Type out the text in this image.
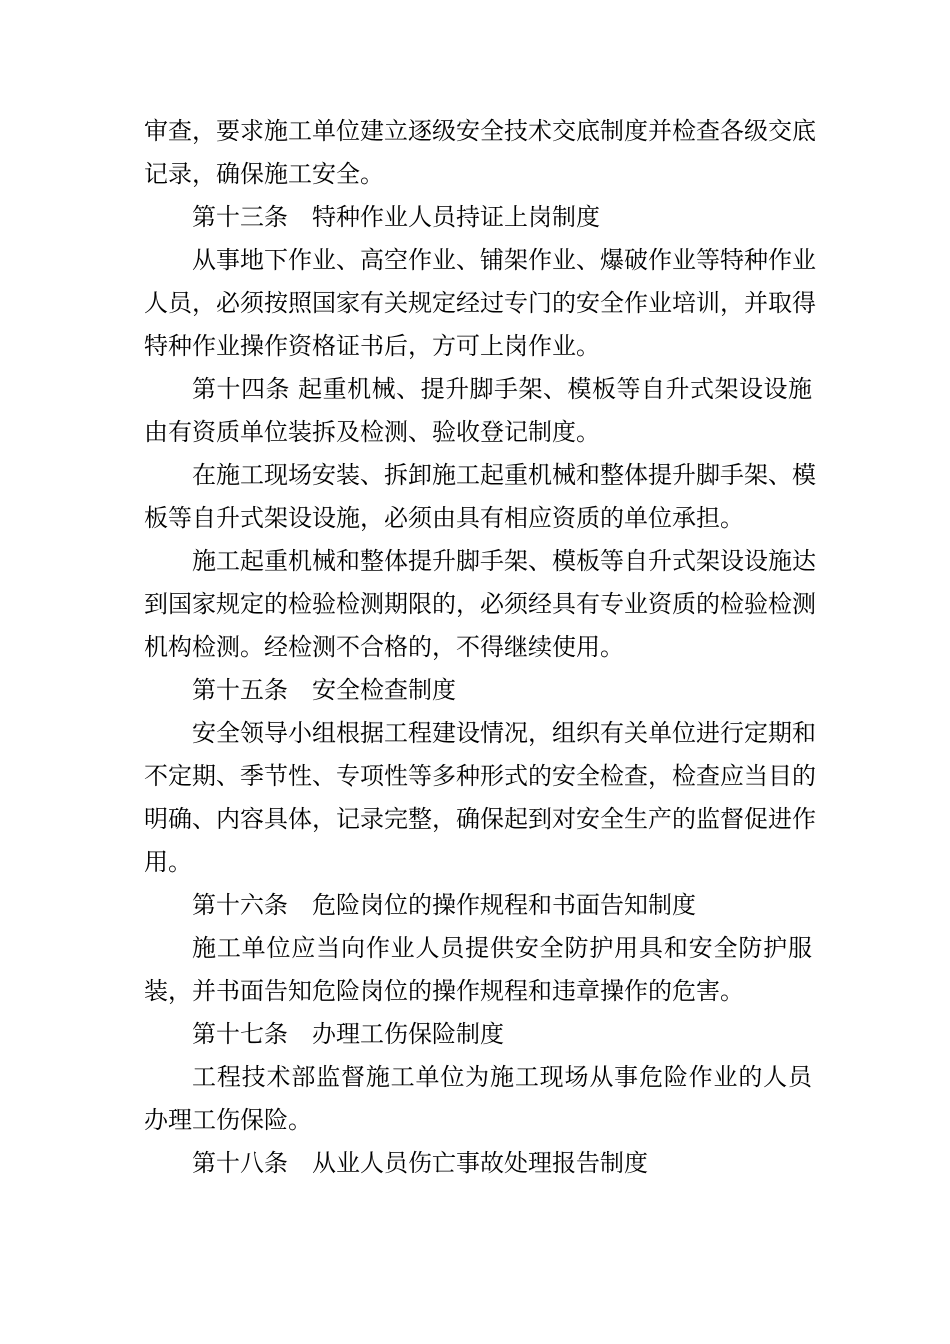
审查，要求施工单位建立逐级安全技术交底制度并检查各级交底
记录，确保施工安全。
第十三条　特种作业人员持证上岗制度
从事地下作业、高空作业、铺架作业、爆破作业等特种作业
人员，必须按照国家有关规定经过专门的安全作业培训，并取得
特种作业操作资格证书后，方可上岗作业。
第十四条 起重机械、提升脚手架、模板等自升式架设设施
由有资质单位装拆及检测、验收登记制度。
在施工现场安装、拆卸施工起重机械和整体提升脚手架、模
板等自升式架设设施，必须由具有相应资质的单位承担。
施工起重机械和整体提升脚手架、模板等自升式架设设施达
到国家规定的检验检测期限的，必须经具有专业资质的检验检测
机构检测。经检测不合格的，不得继续使用。
第十五条　安全检查制度
安全领导小组根据工程建设情况，组织有关单位进行定期和
不定期、季节性、专项性等多种形式的安全检查，检查应当目的
明确、内容具体，记录完整，确保起到对安全生产的监督促进作
用。
第十六条　危险岗位的操作规程和书面告知制度
施工单位应当向作业人员提供安全防护用具和安全防护服
装，并书面告知危险岗位的操作规程和违章操作的危害。
第十七条　办理工伤保险制度
工程技术部监督施工单位为施工现场从事危险作业的人员
办理工伤保险。
第十八条　从业人员伤亡事故处理报告制度
